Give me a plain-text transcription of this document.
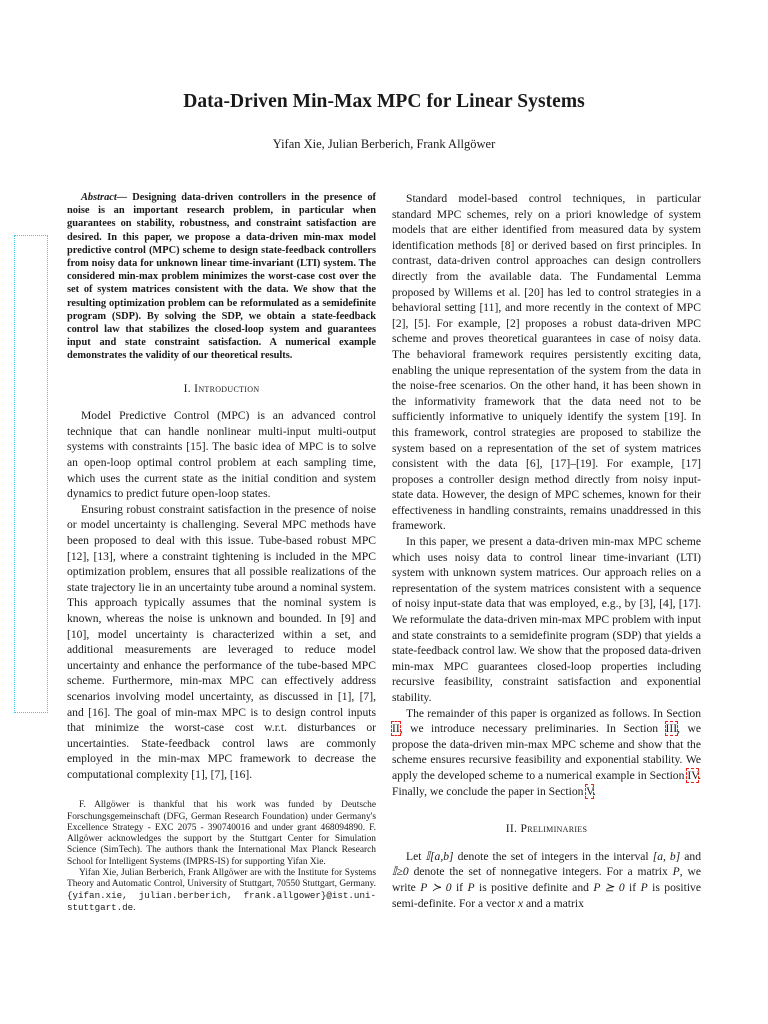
Data-Driven Min-Max MPC for Linear Systems
Yifan Xie, Julian Berberich, Frank Allgöwer

Abstract— Designing data-driven controllers in the presence of noise is an important research problem, in particular when guarantees on stability, robustness, and constraint satisfaction are desired. In this paper, we propose a data-driven min-max model predictive control (MPC) scheme to design state-feedback controllers from noisy data for unknown linear time-invariant (LTI) system. The considered min-max problem minimizes the worst-case cost over the set of system matrices consistent with the data. We show that the resulting optimization problem can be reformulated as a semidefinite program (SDP). By solving the SDP, we obtain a state-feedback control law that stabilizes the closed-loop system and guarantees input and state constraint satisfaction. A numerical example demonstrates the validity of our theoretical results.

I. Introduction

Model Predictive Control (MPC) is an advanced control technique that can handle nonlinear multi-input multi-output systems with constraints [15]. The basic idea of MPC is to solve an open-loop optimal control problem at each sampling time, which uses the current state as the initial condition and system dynamics to predict future open-loop states.

Ensuring robust constraint satisfaction in the presence of noise or model uncertainty is challenging. Several MPC methods have been proposed to deal with this issue. Tube-based robust MPC [12], [13], where a constraint tightening is included in the MPC optimization problem, ensures that all possible realizations of the state trajectory lie in an uncertainty tube around a nominal system. This approach typically assumes that the nominal system is known, whereas the noise is unknown and bounded. In [9] and [10], model uncertainty is characterized within a set, and additional measurements are leveraged to reduce model uncertainty and enhance the performance of the tube-based MPC scheme. Furthermore, min-max MPC can effectively address scenarios involving model uncertainty, as discussed in [1], [7], and [16]. The goal of min-max MPC is to design control inputs that minimize the worst-case cost w.r.t. disturbances or uncertainties. State-feedback control laws are commonly employed in the min-max MPC framework to decrease the computational complexity [1], [7], [16].

F. Allgöwer is thankful that his work was funded by Deutsche Forschungsgemeinschaft (DFG, German Research Foundation) under Germany's Excellence Strategy - EXC 2075 - 390740016 and under grant 468094890. F. Allgöwer acknowledges the support by the Stuttgart Center for Simulation Science (SimTech). The authors thank the International Max Planck Research School for Intelligent Systems (IMPRS-IS) for supporting Yifan Xie.

Yifan Xie, Julian Berberich, Frank Allgöwer are with the Institute for Systems Theory and Automatic Control, University of Stuttgart, 70550 Stuttgart, Germany. {yifan.xie, julian.berberich, frank.allgower}@ist.uni-stuttgart.de.

Standard model-based control techniques, in particular standard MPC schemes, rely on a priori knowledge of system models that are either identified from measured data by system identification methods [8] or derived based on first principles. In contrast, data-driven control approaches can design controllers directly from the available data. The Fundamental Lemma proposed by Willems et al. [20] has led to control strategies in a behavioral setting [11], and more recently in the context of MPC [2], [5]. For example, [2] proposes a robust data-driven MPC scheme and proves theoretical guarantees in case of noisy data. The behavioral framework requires persistently exciting data, enabling the unique representation of the system from the data in the noise-free scenarios. On the other hand, it has been shown in the informativity framework that the data need not to be sufficiently informative to uniquely identify the system [19]. In this framework, control strategies are proposed to stabilize the system based on a representation of the set of system matrices consistent with the data [6], [17]–[19]. For example, [17] proposes a controller design method directly from noisy input-state data. However, the design of MPC schemes, known for their effectiveness in handling constraints, remains unaddressed in this framework.

In this paper, we present a data-driven min-max MPC scheme which uses noisy data to control linear time-invariant (LTI) system with unknown system matrices. Our approach relies on a representation of the system matrices consistent with a sequence of noisy input-state data that was employed, e.g., by [3], [4], [17]. We reformulate the data-driven min-max MPC problem with input and state constraints to a semidefinite program (SDP) that yields a state-feedback control law. We show that the proposed data-driven min-max MPC guarantees closed-loop properties including recursive feasibility, constraint satisfaction and exponential stability.

The remainder of this paper is organized as follows. In Section II, we introduce necessary preliminaries. In Section III, we propose the data-driven min-max MPC scheme and show that the scheme ensures recursive feasibility and exponential stability. We apply the developed scheme to a numerical example in Section IV. Finally, we conclude the paper in Section V.

II. Preliminaries

Let 𝕀[a,b] denote the set of integers in the interval [a, b] and 𝕀≥0 denote the set of nonnegative integers. For a matrix P, we write P ≻ 0 if P is positive definite and P ⪰ 0 if P is positive semi-definite. For a vector x and a matrix
